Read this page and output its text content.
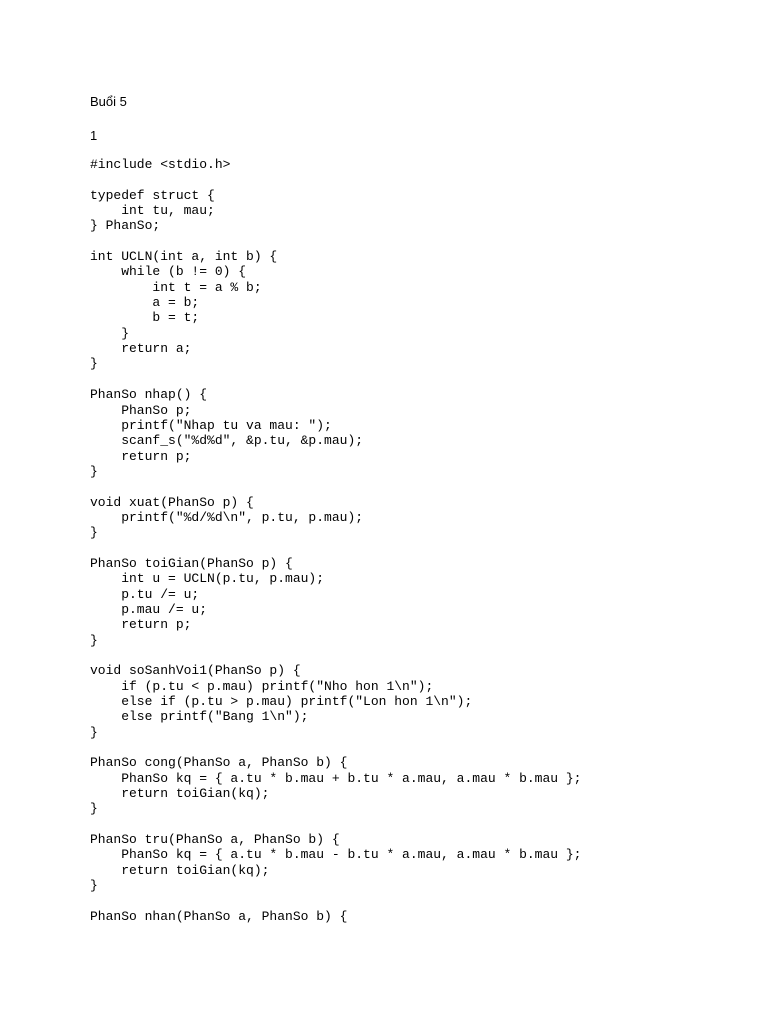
Buổi 5
1
#include <stdio.h>
typedef struct {
int tu, mau;
} PhanSo;
int UCLN(int a, int b) {
while (b != 0) {
int t = a % b;
a = b;
b = t;
}
return a;
}
PhanSo nhap() {
PhanSo p;
printf("Nhap tu va mau: ");
scanf_s("%d%d", &p.tu, &p.mau);
return p;
}
void xuat(PhanSo p) {
printf("%d/%d\n", p.tu, p.mau);
}
PhanSo toiGian(PhanSo p) {
int u = UCLN(p.tu, p.mau);
p.tu /= u;
p.mau /= u;
return p;
}
void soSanhVoi1(PhanSo p) {
if (p.tu < p.mau) printf("Nho hon 1\n");
else if (p.tu > p.mau) printf("Lon hon 1\n");
else printf("Bang 1\n");
}
PhanSo cong(PhanSo a, PhanSo b) {
PhanSo kq = { a.tu * b.mau + b.tu * a.mau, a.mau * b.mau };
return toiGian(kq);
}
PhanSo tru(PhanSo a, PhanSo b) {
PhanSo kq = { a.tu * b.mau - b.tu * a.mau, a.mau * b.mau };
return toiGian(kq);
}
PhanSo nhan(PhanSo a, PhanSo b) {
